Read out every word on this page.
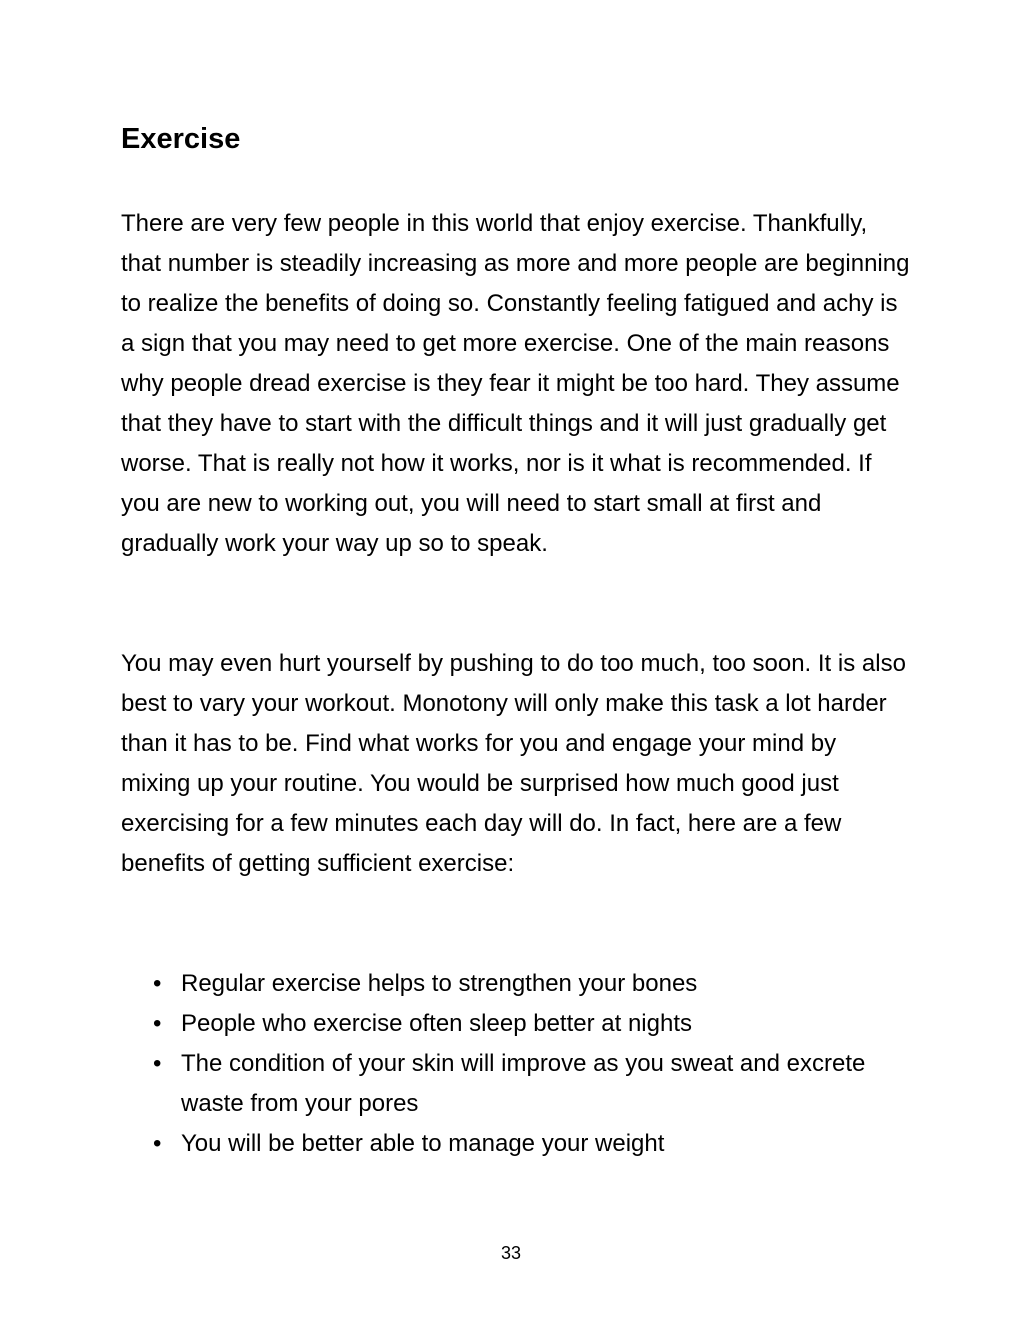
Exercise

There are very few people in this world that enjoy exercise. Thankfully, that number is steadily increasing as more and more people are beginning to realize the benefits of doing so. Constantly feeling fatigued and achy is a sign that you may need to get more exercise. One of the main reasons why people dread exercise is they fear it might be too hard. They assume that they have to start with the difficult things and it will just gradually get worse. That is really not how it works, nor is it what is recommended. If you are new to working out, you will need to start small at first and gradually work your way up so to speak.

You may even hurt yourself by pushing to do too much, too soon. It is also best to vary your workout. Monotony will only make this task a lot harder than it has to be. Find what works for you and engage your mind by mixing up your routine. You would be surprised how much good just exercising for a few minutes each day will do. In fact, here are a few benefits of getting sufficient exercise:

• Regular exercise helps to strengthen your bones
• People who exercise often sleep better at nights
• The condition of your skin will improve as you sweat and excrete waste from your pores
• You will be better able to manage your weight
33
